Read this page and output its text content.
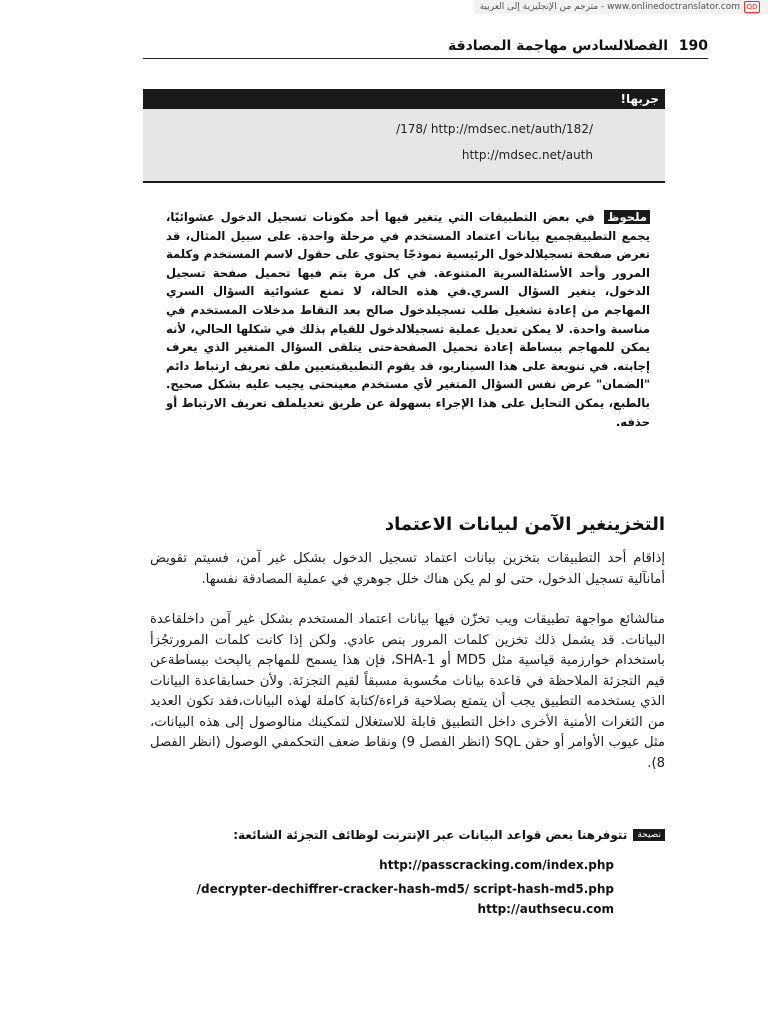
OD
www.onlinedoctranslator.com - مترجم من الإنجليزية إلى العربية
190
الفصلالسادس مهاجمة المصادقة
جربها!
/178/ http://mdsec.net/auth/182/
http://mdsec.net/auth
ملحوظ في بعض التطبيقات التي يتغير فيها أحد مكونات تسجيل الدخول عشوائيًا، يجمع التطبيقجميع بيانات اعتماد المستخدم في مرحلة واحدة. على سبيل المثال، قد تعرض صفحة تسجيلالدخول الرئيسية نموذجًا يحتوي على حقول لاسم المستخدم وكلمة المرور وأحد الأسئلةالسرية المتنوعة. في كل مرة يتم فيها تحميل صفحة تسجيل الدخول، يتغير السؤال السري.في هذه الحالة، لا تمنع عشوائية السؤال السري المهاجم من إعادة تشغيل طلب تسجيلدخول صالح بعد التقاط مدخلات المستخدم في مناسبة واحدة. لا يمكن تعديل عملية تسجيلالدخول للقيام بذلك في شكلها الحالي، لأنه يمكن للمهاجم ببساطة إعادة تحميل الصفحةحتى يتلقى السؤال المتغير الذي يعرف إجابته. في تنويعة على هذا السيناريو، قد يقوم التطبيقبتعيين ملف تعريف ارتباط دائم "الضمان" عرض نفس السؤال المتغير لأي مستخدم معينحتى يجيب عليه بشكل صحيح. بالطبع، يمكن التحايل على هذا الإجراء بسهولة عن طريق تعديلملف تعريف الارتباط أو حذفه.
التخزينغير الآمن لبيانات الاعتماد
إذاقام أحد التطبيقات بتخزين بيانات اعتماد تسجيل الدخول بشكل غير آمن، فسيتم تقويض أمانآلية تسجيل الدخول، حتى لو لم يكن هناك خلل جوهري في عملية المصادقة نفسها.
منالشائع مواجهة تطبيقات ويب تخزّن فيها بيانات اعتماد المستخدم بشكل غير آمن داخلقاعدة البيانات. قد يشمل ذلك تخزين كلمات المرور بنص عادي. ولكن إذا كانت كلمات المرورتجُزأ باستخدام خوارزمية قياسية مثل MD5 أو SHA-1، فإن هذا يسمح للمهاجم بالبحث ببساطةعن قيم التجزئة الملاحظة في قاعدة بيانات محُسوبة مسبقاً لقيم التجزئة. ولأن حسابقاعدة البيانات الذي يستخدمه التطبيق يجب أن يتمتع بصلاحية قراءة/كتابة كاملة لهذه البيانات،فقد تكون العديد من الثغرات الأمنية الأخرى داخل التطبيق قابلة للاستغلال لتمكينك منالوصول إلى هذه البيانات، مثل عيوب الأوامر أو حقن SQL (انظر الفصل 9) ونقاط ضعف التحكمفي الوصول (انظر الفصل 8).
نصيحة
تتوفرهنا بعض قواعد البيانات عبر الإنترنت لوظائف التجزئة الشائعة:
http://passcracking.com/index.php
/decrypter-dechiffrer-cracker-hash-md5/ script-hash-md5.php
http://authsecu.com
